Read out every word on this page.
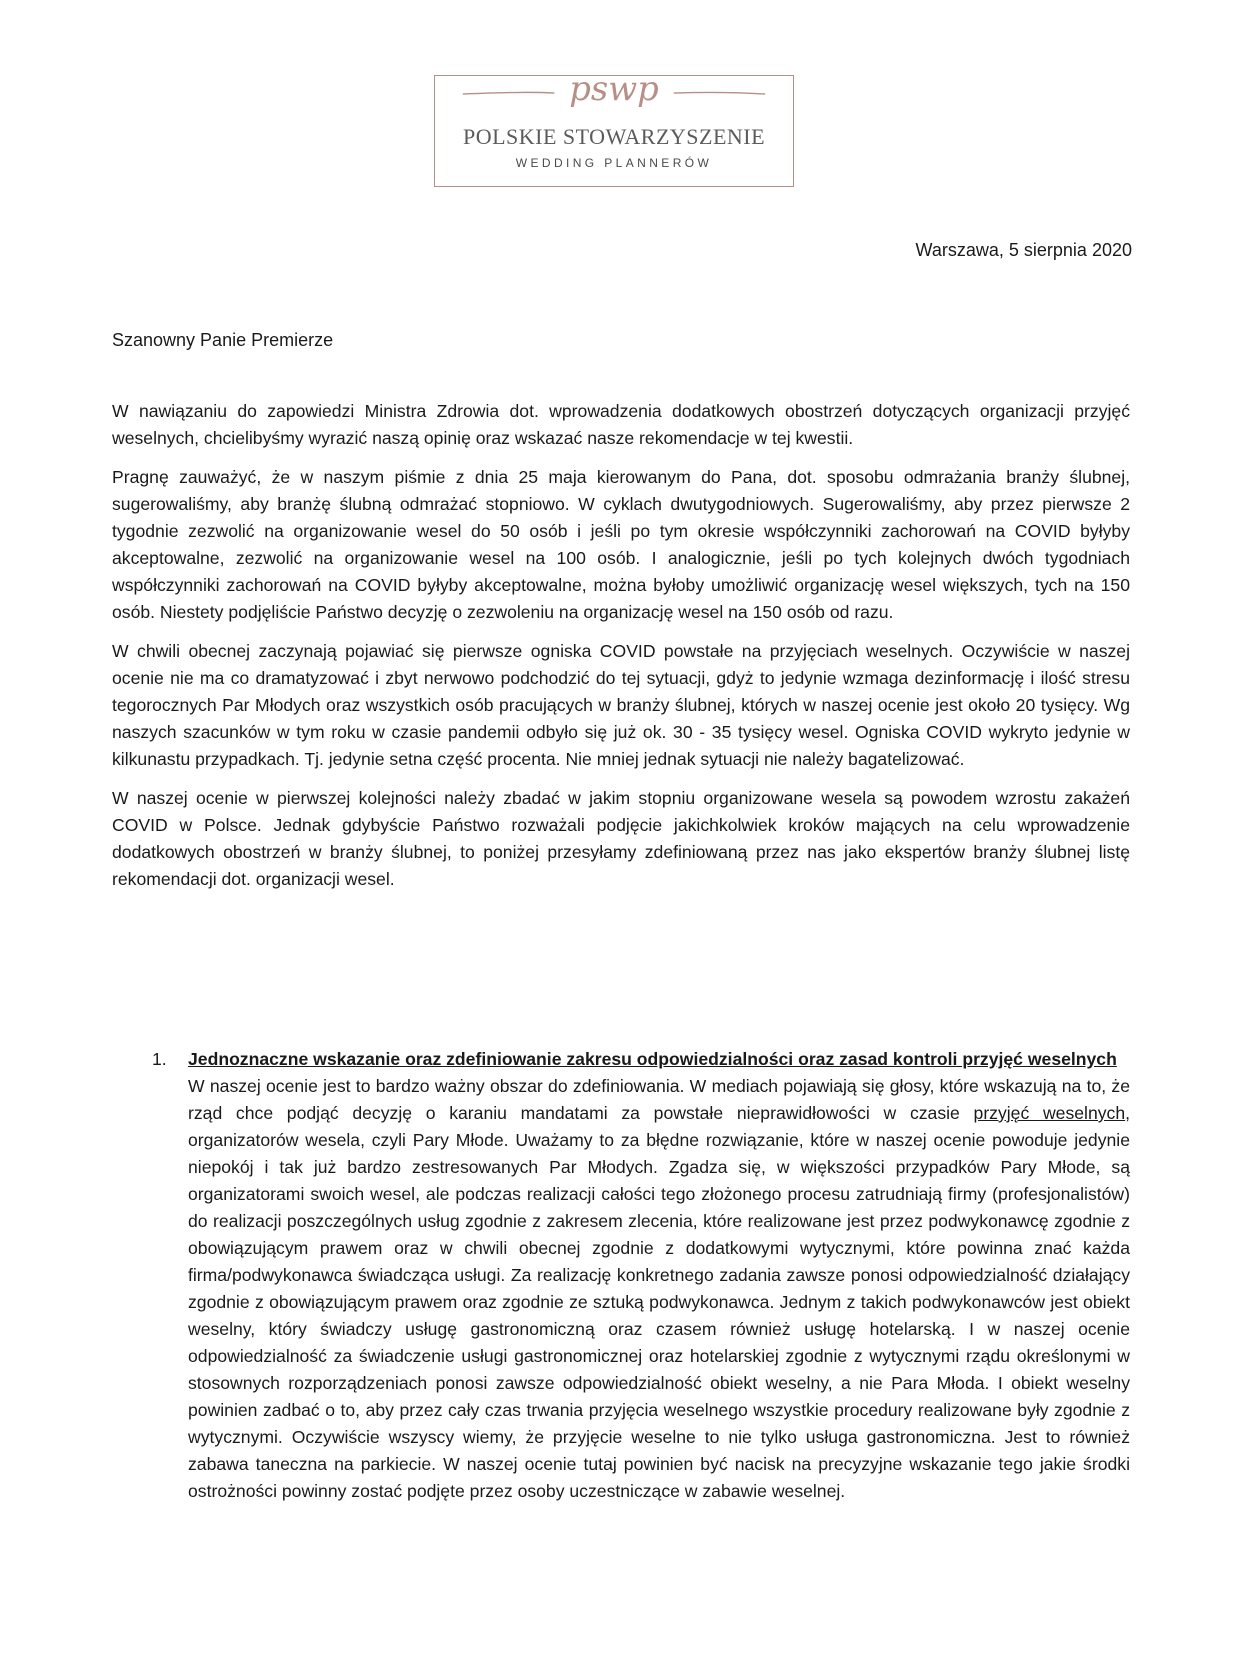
pswp
POLSKIE STOWARZYSZENIE
WEDDING PLANNERÓW
Warszawa, 5 sierpnia 2020
Szanowny Panie Premierze

W nawiązaniu do zapowiedzi Ministra Zdrowia dot. wprowadzenia dodatkowych obostrzeń dotyczących organizacji przyjęć weselnych, chcielibyśmy wyrazić naszą opinię oraz wskazać nasze rekomendacje w tej kwestii.

Pragnę zauważyć, że w naszym piśmie z dnia 25 maja kierowanym do Pana, dot. sposobu odmrażania branży ślubnej, sugerowaliśmy, aby branżę ślubną odmrażać stopniowo. W cyklach dwutygodniowych. Sugerowaliśmy, aby przez pierwsze 2 tygodnie zezwolić na organizowanie wesel do 50 osób i jeśli po tym okresie współczynniki zachorowań na COVID byłyby akceptowalne, zezwolić na organizowanie wesel na 100 osób. I analogicznie, jeśli po tych kolejnych dwóch tygodniach współczynniki zachorowań na COVID byłyby akceptowalne, można byłoby umożliwić organizację wesel większych, tych na 150 osób. Niestety podjęliście Państwo decyzję o zezwoleniu na organizację wesel na 150 osób od razu.

W chwili obecnej zaczynają pojawiać się pierwsze ogniska COVID powstałe na przyjęciach weselnych. Oczywiście w naszej ocenie nie ma co dramatyzować i zbyt nerwowo podchodzić do tej sytuacji, gdyż to jedynie wzmaga dezinformację i ilość stresu tegorocznych Par Młodych oraz wszystkich osób pracujących w branży ślubnej, których w naszej ocenie jest około 20 tysięcy. Wg naszych szacunków w tym roku w czasie pandemii odbyło się już ok. 30 - 35 tysięcy wesel. Ogniska COVID wykryto jedynie w kilkunastu przypadkach. Tj. jedynie setna część procenta. Nie mniej jednak sytuacji nie należy bagatelizować.

W naszej ocenie w pierwszej kolejności należy zbadać w jakim stopniu organizowane wesela są powodem wzrostu zakażeń COVID w Polsce. Jednak gdybyście Państwo rozważali podjęcie jakichkolwiek kroków mających na celu wprowadzenie dodatkowych obostrzeń w branży ślubnej, to poniżej przesyłamy zdefiniowaną przez nas jako ekspertów branży ślubnej listę rekomendacji dot. organizacji wesel.

1. Jednoznaczne wskazanie oraz zdefiniowanie zakresu odpowiedzialności oraz zasad kontroli przyjęć weselnych
W naszej ocenie jest to bardzo ważny obszar do zdefiniowania. W mediach pojawiają się głosy, które wskazują na to, że rząd chce podjąć decyzję o karaniu mandatami za powstałe nieprawidłowości w czasie przyjęć weselnych, organizatorów wesela, czyli Pary Młode. Uważamy to za błędne rozwiązanie, które w naszej ocenie powoduje jedynie niepokój i tak już bardzo zestresowanych Par Młodych. Zgadza się, w większości przypadków Pary Młode, są organizatorami swoich wesel, ale podczas realizacji całości tego złożonego procesu zatrudniają firmy (profesjonalistów) do realizacji poszczególnych usług zgodnie z zakresem zlecenia, które realizowane jest przez podwykonawcę zgodnie z obowiązującym prawem oraz w chwili obecnej zgodnie z dodatkowymi wytycznymi, które powinna znać każda firma/podwykonawca świadcząca usługi. Za realizację konkretnego zadania zawsze ponosi odpowiedzialność działający zgodnie z obowiązującym prawem oraz zgodnie ze sztuką podwykonawca. Jednym z takich podwykonawców jest obiekt weselny, który świadczy usługę gastronomiczną oraz czasem również usługę hotelarską. I w naszej ocenie odpowiedzialność za świadczenie usługi gastronomicznej oraz hotelarskiej zgodnie z wytycznymi rządu określonymi w stosownych rozporządzeniach ponosi zawsze odpowiedzialność obiekt weselny, a nie Para Młoda. I obiekt weselny powinien zadbać o to, aby przez cały czas trwania przyjęcia weselnego wszystkie procedury realizowane były zgodnie z wytycznymi. Oczywiście wszyscy wiemy, że przyjęcie weselne to nie tylko usługa gastronomiczna. Jest to również zabawa taneczna na parkiecie. W naszej ocenie tutaj powinien być nacisk na precyzyjne wskazanie tego jakie środki ostrożności powinny zostać podjęte przez osoby uczestniczące w zabawie weselnej.
